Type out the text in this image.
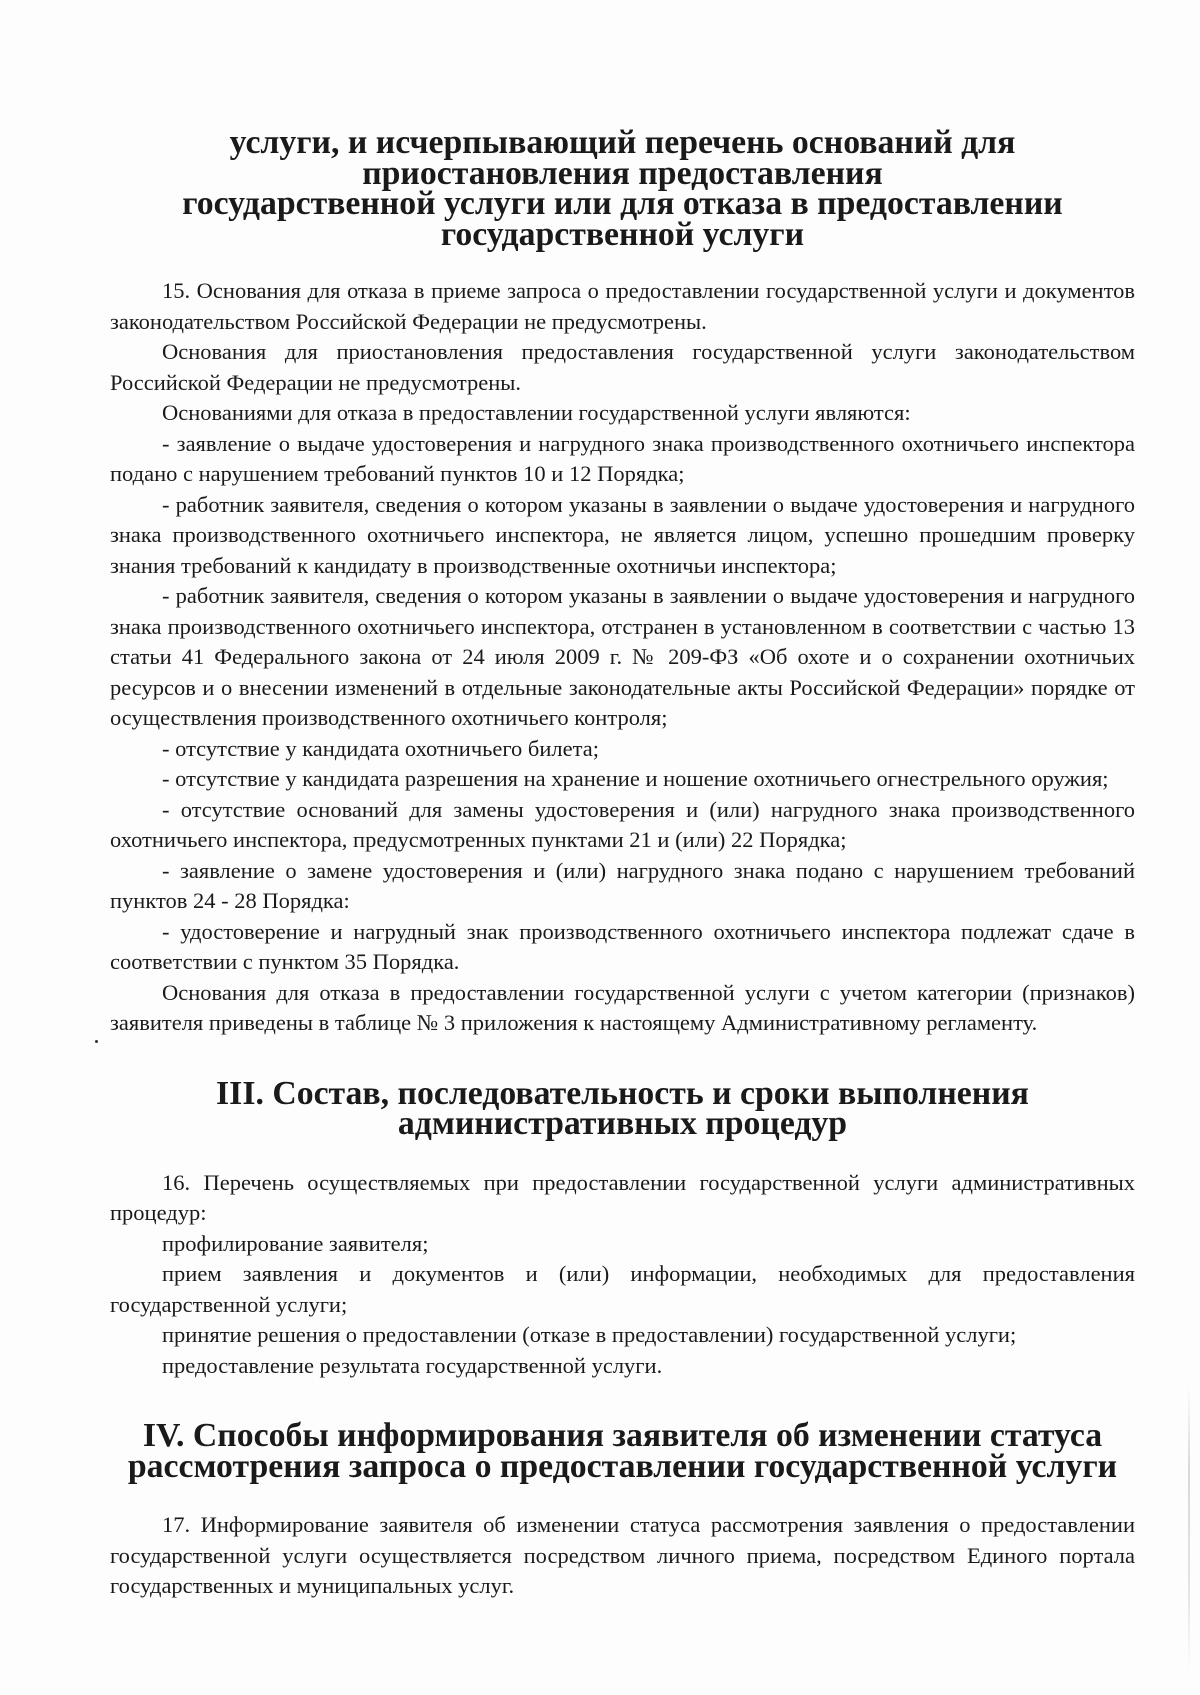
услуги, и исчерпывающий перечень оснований для приостановления предоставления
государственной услуги или для отказа в предоставлении государственной услуги

15. Основания для отказа в приеме запроса о предоставлении государственной услуги и документов законодательством Российской Федерации не предусмотрены.

Основания для приостановления предоставления государственной услуги законодательством Российской Федерации не предусмотрены.

Основаниями для отказа в предоставлении государственной услуги являются:

- заявление о выдаче удостоверения и нагрудного знака производственного охотничьего инспектора подано с нарушением требований пунктов 10 и 12 Порядка;

- работник заявителя, сведения о котором указаны в заявлении о выдаче удостоверения и нагрудного знака производственного охотничьего инспектора, не является лицом, успешно прошедшим проверку знания требований к кандидату в производственные охотничьи инспектора;

- работник заявителя, сведения о котором указаны в заявлении о выдаче удостоверения и нагрудного знака производственного охотничьего инспектора, отстранен в установленном в соответствии с частью 13 статьи 41 Федерального закона от 24 июля 2009 г. № 209-ФЗ «Об охоте и о сохранении охотничьих ресурсов и о внесении изменений в отдельные законодательные акты Российской Федерации» порядке от осуществления производственного охотничьего контроля;

- отсутствие у кандидата охотничьего билета;

- отсутствие у кандидата разрешения на хранение и ношение охотничьего огнестрельного оружия;

- отсутствие оснований для замены удостоверения и (или) нагрудного знака производственного охотничьего инспектора, предусмотренных пунктами 21 и (или) 22 Порядка;

- заявление о замене удостоверения и (или) нагрудного знака подано с нарушением требований пунктов 24 - 28 Порядка:

- удостоверение и нагрудный знак производственного охотничьего инспектора подлежат сдаче в соответствии с пунктом 35 Порядка.

Основания для отказа в предоставлении государственной услуги с учетом категории (признаков) заявителя приведены в таблице № 3 приложения к настоящему Административному регламенту.

III. Состав, последовательность и сроки выполнения
административных процедур

16. Перечень осуществляемых при предоставлении государственной услуги административных процедур:

профилирование заявителя;

прием заявления и документов и (или) информации, необходимых для предоставления государственной услуги;

принятие решения о предоставлении (отказе в предоставлении) государственной услуги;

предоставление результата государственной услуги.

IV. Способы информирования заявителя об изменении статуса
рассмотрения запроса о предоставлении государственной услуги

17. Информирование заявителя об изменении статуса рассмотрения заявления о предоставлении государственной услуги осуществляется посредством личного приема, посредством Единого портала государственных и муниципальных услуг.
